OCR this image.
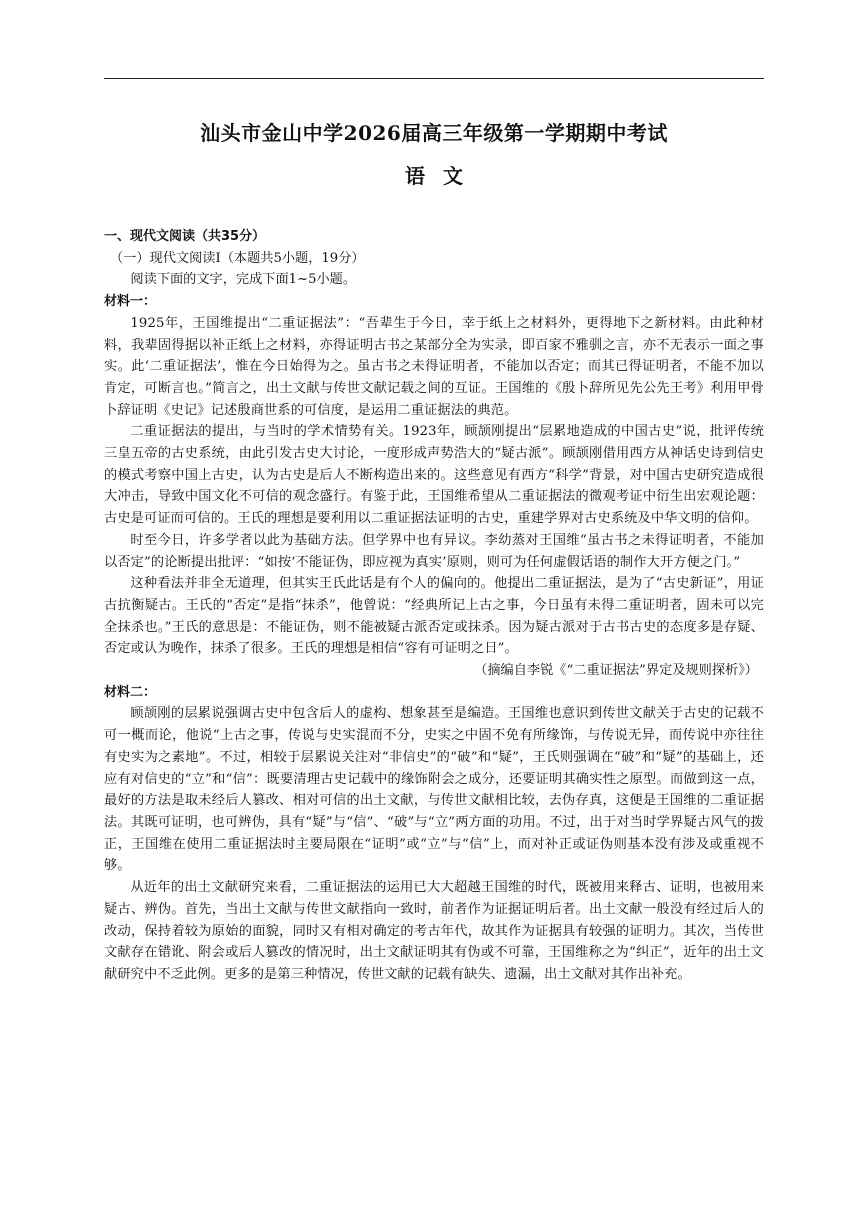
汕头市金山中学2026届高三年级第一学期期中考试
语文

一、现代文阅读（共35分）

（一）现代文阅读Ⅰ（本题共5小题，19分）

阅读下面的文字，完成下面1~5小题。

材料一：

1925年，王国维提出“二重证据法”：“吾辈生于今日，幸于纸上之材料外，更得地下之新材料。由此种材料，我辈固得据以补正纸上之材料，亦得证明古书之某部分全为实录，即百家不雅驯之言，亦不无表示一面之事实。此‘二重证据法’，惟在今日始得为之。虽古书之未得证明者，不能加以否定；而其已得证明者，不能不加以肯定，可断言也。”简言之，出土文献与传世文献记载之间的互证。王国维的《殷卜辞所见先公先王考》利用甲骨卜辞证明《史记》记述殷商世系的可信度，是运用二重证据法的典范。

二重证据法的提出，与当时的学术情势有关。1923年，顾颉刚提出“层累地造成的中国古史”说，批评传统三皇五帝的古史系统，由此引发古史大讨论，一度形成声势浩大的“疑古派”。顾颉刚借用西方从神话史诗到信史的模式考察中国上古史，认为古史是后人不断构造出来的。这些意见有西方“科学”背景，对中国古史研究造成很大冲击，导致中国文化不可信的观念盛行。有鉴于此，王国维希望从二重证据法的微观考证中衍生出宏观论题：古史是可证而可信的。王氏的理想是要利用以二重证据法证明的古史，重建学界对古史系统及中华文明的信仰。

时至今日，许多学者以此为基础方法。但学界中也有异议。李幼蒸对王国维“虽古书之未得证明者，不能加以否定”的论断提出批评：“如按‘不能证伪，即应视为真实’原则，则可为任何虚假话语的制作大开方便之门。”

这种看法并非全无道理，但其实王氏此话是有个人的偏向的。他提出二重证据法，是为了“古史新证”，用证古抗衡疑古。王氏的“否定”是指“抹杀”，他曾说：“经典所记上古之事，今日虽有未得二重证明者，固未可以完全抹杀也。”王氏的意思是：不能证伪，则不能被疑古派否定或抹杀。因为疑古派对于古书古史的态度多是存疑、否定或认为晚作，抹杀了很多。王氏的理想是相信“容有可证明之日”。

（摘编自李锐《“二重证据法”界定及规则探析》）

材料二：

顾颉刚的层累说强调古史中包含后人的虚构、想象甚至是编造。王国维也意识到传世文献关于古史的记载不可一概而论，他说“上古之事，传说与史实混而不分，史实之中固不免有所缘饰，与传说无异，而传说中亦往往有史实为之素地”。不过，相较于层累说关注对“非信史”的“破”和“疑”，王氏则强调在“破”和“疑”的基础上，还应有对信史的“立”和“信”：既要清理古史记载中的缘饰附会之成分，还要证明其确实性之原型。而做到这一点，最好的方法是取未经后人篡改、相对可信的出土文献，与传世文献相比较，去伪存真，这便是王国维的二重证据法。其既可证明，也可辨伪，具有“疑”与“信”、“破”与“立”两方面的功用。不过，出于对当时学界疑古风气的拨正，王国维在使用二重证据法时主要局限在“证明”或“立”与“信”上，而对补正或证伪则基本没有涉及或重视不够。

从近年的出土文献研究来看，二重证据法的运用已大大超越王国维的时代，既被用来释古、证明，也被用来疑古、辨伪。首先，当出土文献与传世文献指向一致时，前者作为证据证明后者。出土文献一般没有经过后人的改动，保持着较为原始的面貌，同时又有相对确定的考古年代，故其作为证据具有较强的证明力。其次，当传世文献存在错讹、附会或后人篡改的情况时，出土文献证明其有伪或不可靠，王国维称之为“纠正”，近年的出土文献研究中不乏此例。更多的是第三种情况，传世文献的记载有缺失、遗漏，出土文献对其作出补充。
